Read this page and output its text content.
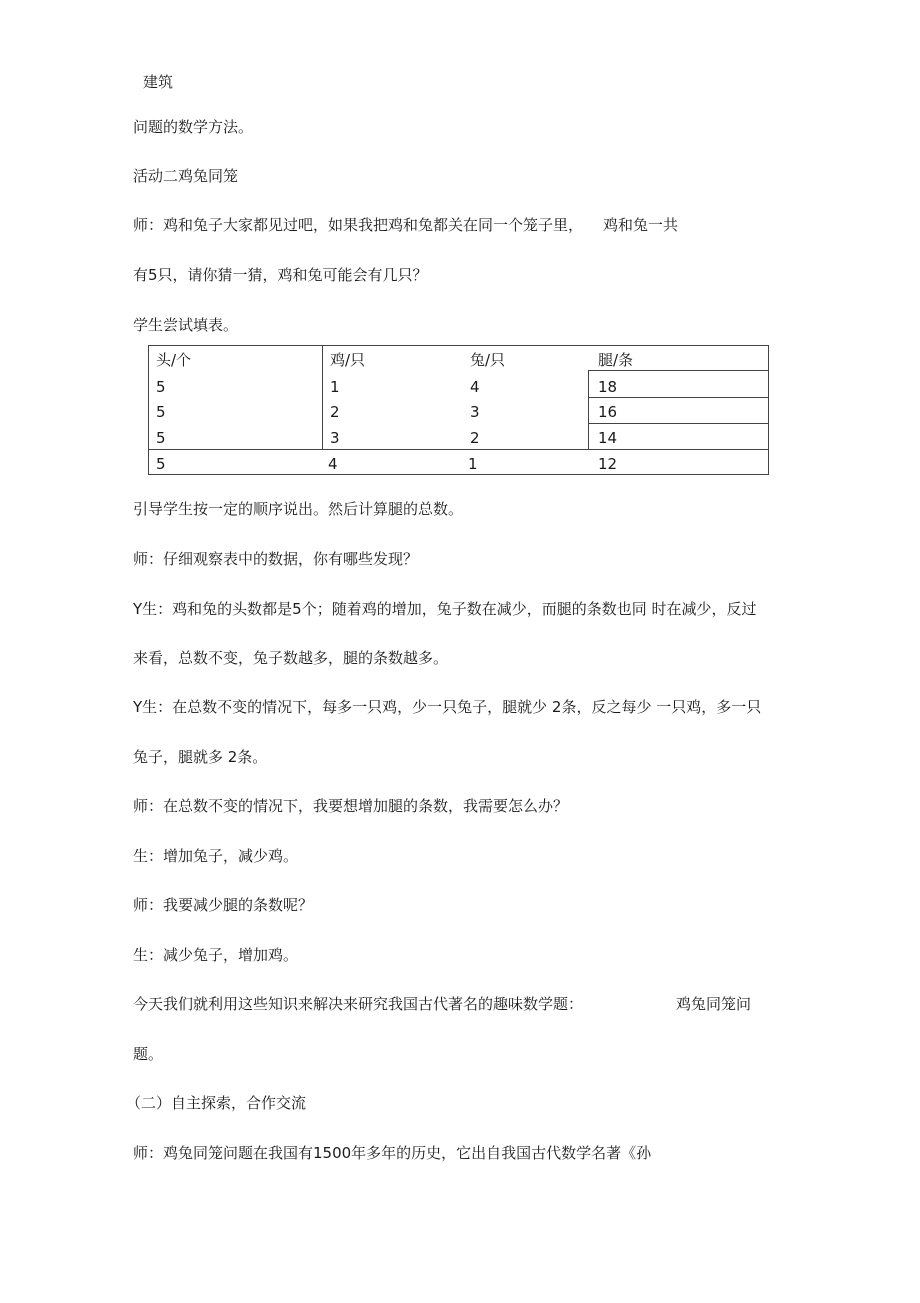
建筑
问题的数学方法。
活动二鸡兔同笼
师：鸡和兔子大家都见过吧，如果我把鸡和兔都关在同一个笼子里， 鸡和兔一共
有5只，请你猜一猜，鸡和兔可能会有几只？
学生尝试填表。
头/个	鸡/只	兔/只	腿/条
5	1	4	18
5	2	3	16
5	3	2	14
5	4	1	12
引导学生按一定的顺序说出。然后计算腿的总数。
师：仔细观察表中的数据，你有哪些发现？
Y生：鸡和兔的头数都是5个；随着鸡的增加，兔子数在减少，而腿的条数也同 时在减少，反过
来看，总数不变，兔子数越多，腿的条数越多。
Y生：在总数不变的情况下，每多一只鸡，少一只兔子，腿就少 2条，反之每少 一只鸡，多一只
兔子，腿就多 2条。
师：在总数不变的情况下，我要想增加腿的条数，我需要怎么办？
生：增加兔子，减少鸡。
师：我要减少腿的条数呢？
生：减少兔子，增加鸡。
今天我们就利用这些知识来解决来研究我国古代著名的趣味数学题：	鸡兔同笼问
题。
（二）自主探索，合作交流
师：鸡兔同笼问题在我国有1500年多年的历史，它出自我国古代数学名著《孙
